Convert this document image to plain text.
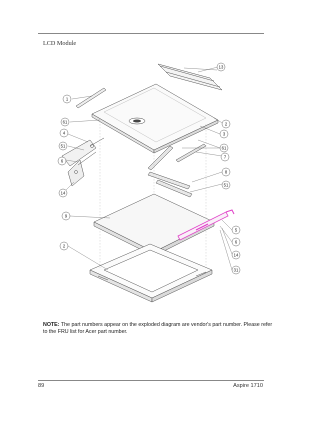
LCD Module
13
1
2
61
4	3
61
51
7
6
8
51
14
9
5
6
14
2
31
NOTE: The part numbers appear on the exploded diagram are vendor's part number. Please refer to the FRU list for Acer part number.
89	Aspire 1710
